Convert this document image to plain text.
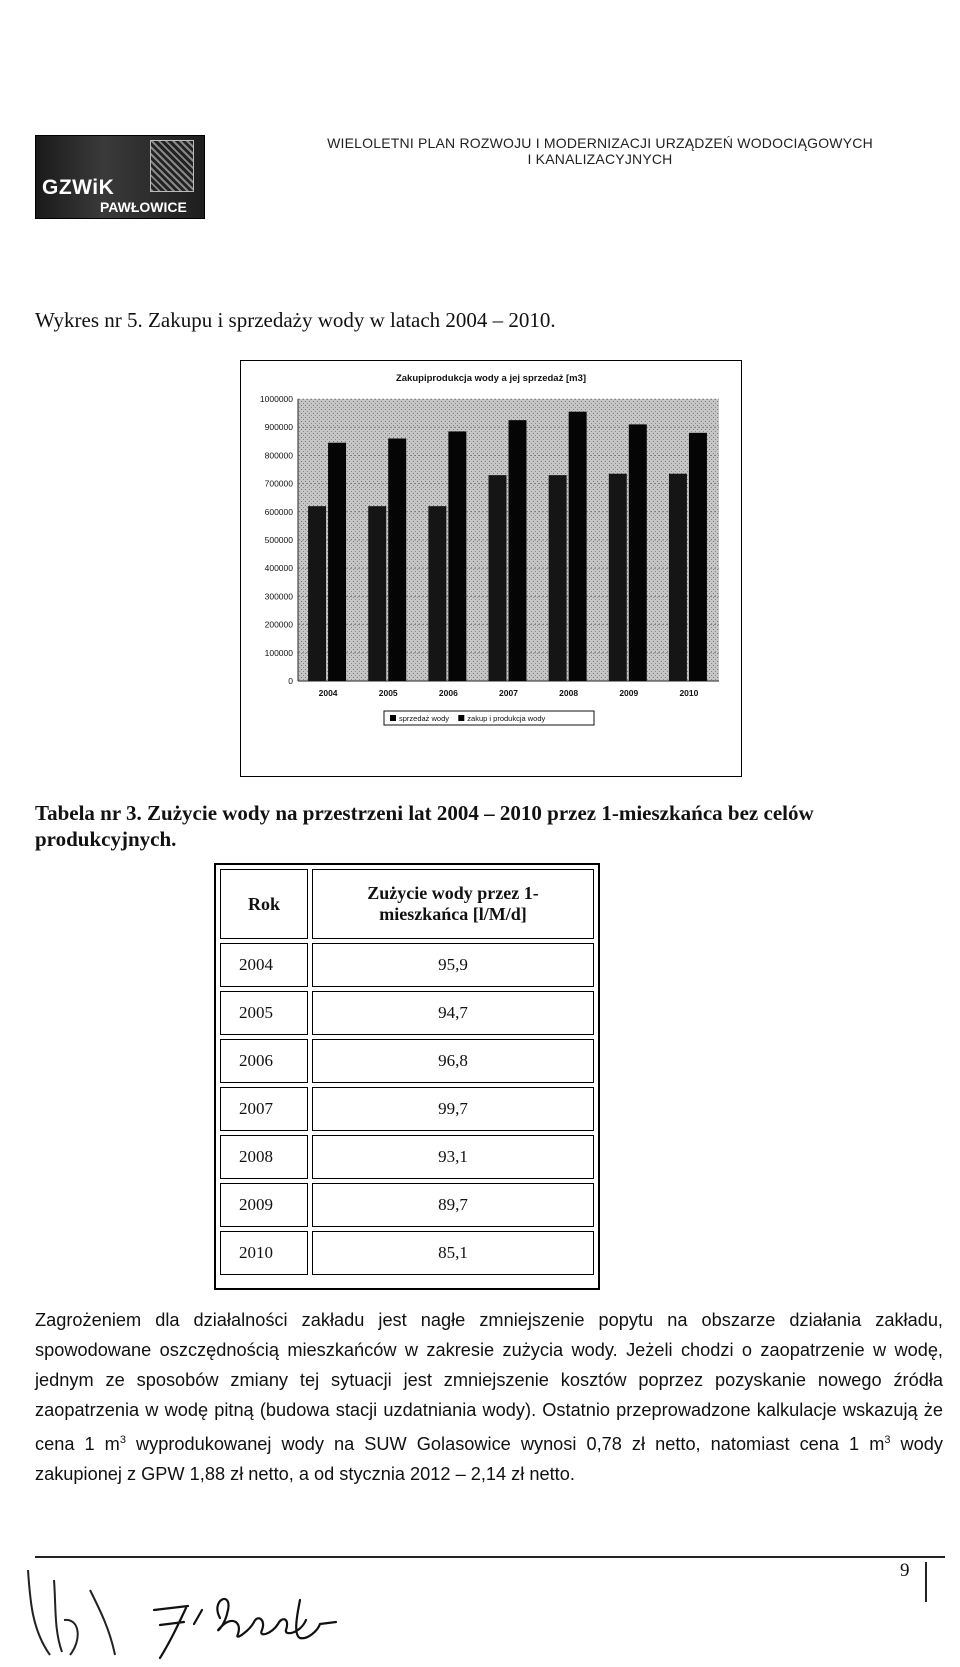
GZWiK
PAWŁOWICE
WIELOLETNI PLAN ROZWOJU I MODERNIZACJI URZĄDZEŃ WODOCIĄGOWYCH
I KANALIZACYJNYCH
Wykres nr 5. Zakupu i sprzedaży wody w latach 2004 – 2010.
Zakupiprodukcja wody a jej sprzedaż [m3]
1000000
900000
800000
700000
600000
500000
400000
300000
200000
100000
0
2004	2005	2006	2007	2008	2009	2010
sprzedaż wody zakup i produkcja wody
Tabela nr 3. Zużycie wody na przestrzeni lat 2004 – 2010 przez 1-mieszkańca bez celów produkcyjnych.
Rok
Zużycie wody przez 1-mieszkańca [l/M/d]
2004	95,9
2005	94,7
2006	96,8
2007	99,7
2008	93,1
2009	89,7
2010	85,1
Zagrożeniem dla działalności zakładu jest nagłe zmniejszenie popytu na obszarze działania zakładu, spowodowane oszczędnością mieszkańców w zakresie zużycia wody. Jeżeli chodzi o zaopatrzenie w wodę, jednym ze sposobów zmiany tej sytuacji jest zmniejszenie kosztów poprzez pozyskanie nowego źródła zaopatrzenia w wodę pitną (budowa stacji uzdatniania wody). Ostatnio przeprowadzone kalkulacje wskazują że cena 1 $m^3$ wyprodukowanej wody na SUW Golasowice wynosi 0,78 zł netto, natomiast cena 1 $m^3$ wody zakupionej z GPW 1,88 zł netto, a od stycznia 2012 – 2,14 zł netto.
9
